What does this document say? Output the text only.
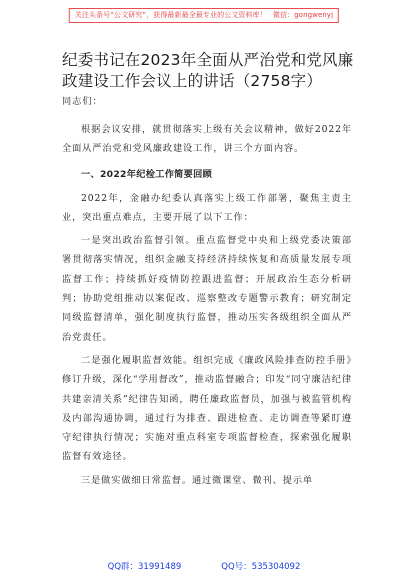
关注头条号“公文研究”，获得最新最全最专业的公文资料库！ 微信：gongwenyj
纪委书记在2023年全面从严治党和党风廉政建设工作会议上的讲话（2758字）

同志们：

根据会议安排，就贯彻落实上级有关会议精神，做好2022年全面从严治党和党风廉政建设工作，讲三个方面内容。

一、2022年纪检工作简要回顾

2022年，金融办纪委认真落实上级工作部署，聚焦主责主业，突出重点难点，主要开展了以下工作：

一是突出政治监督引领。重点监督党中央和上级党委决策部署贯彻落实情况，组织金融支持经济持续恢复和高质量发展专项监督工作；持续抓好疫情防控跟进监督；开展政治生态分析研判；协助党组推动以案促改、巡察整改专题警示教育；研究制定同级监督清单，强化制度执行监督，推动压实各级组织全面从严治党责任。

二是强化履职监督效能。组织完成《廉政风险排查防控手册》修订升级，深化“学用督改”，推动监督融合；印发“同守廉洁纪律共建亲清关系”纪律告知函，聘任廉政监督员，加强与被监管机构及内部沟通协调，通过行为排查、跟进检查、走访调查等紧盯遵守纪律执行情况；实施对重点科室专项监督检查，探索强化履职监督有效途径。

三是做实做细日常监督。通过微课堂、微刊、提示单

QQ群：31991489	QQ号：535304092
